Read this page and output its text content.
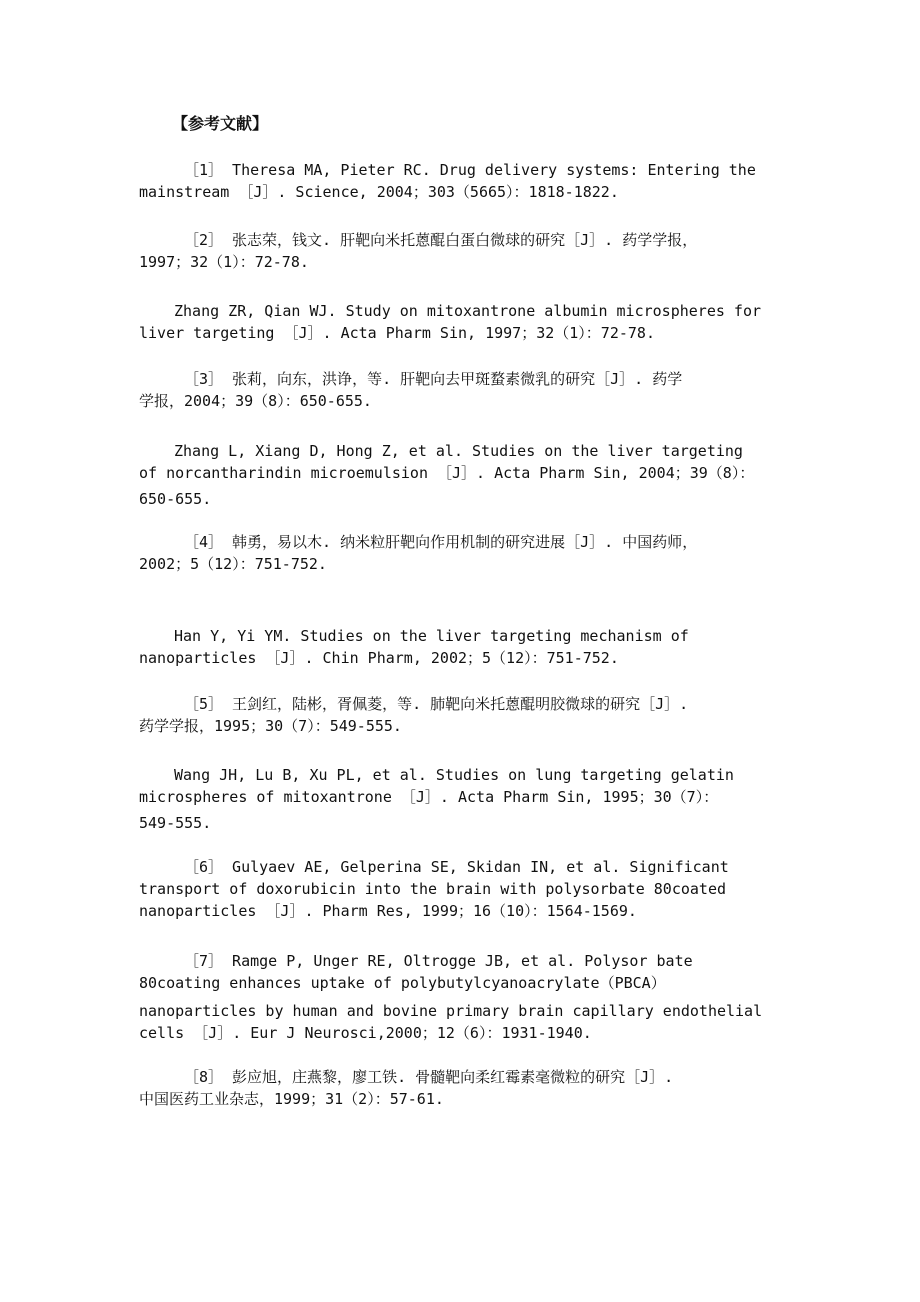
【参考文献】

［1］ Theresa MA, Pieter RC. Drug delivery systems: Entering the
mainstream ［J］. Science, 2004；303（5665）：1818-1822.

［2］ 张志荣，钱文. 肝靶向米托蒽醌白蛋白微球的研究［J］. 药学学报，
1997；32（1）：72-78.

Zhang ZR, Qian WJ. Study on mitoxantrone albumin microspheres for
liver targeting ［J］. Acta Pharm Sin, 1997；32（1）：72-78.

［3］ 张莉，向东，洪诤，等. 肝靶向去甲斑蝥素微乳的研究［J］. 药学
学报，2004；39（8）：650-655.

Zhang L, Xiang D, Hong Z, et al. Studies on the liver targeting
of norcantharindin microemulsion ［J］. Acta Pharm Sin, 2004；39（8）：
650-655.

［4］ 韩勇，易以木. 纳米粒肝靶向作用机制的研究进展［J］. 中国药师，
2002；5（12）：751-752.

Han Y, Yi YM. Studies on the liver targeting mechanism of
nanoparticles ［J］. Chin Pharm, 2002；5（12）：751-752.

［5］ 王剑红，陆彬，胥佩菱，等. 肺靶向米托蒽醌明胶微球的研究［J］.
药学学报，1995；30（7）：549-555.

Wang JH, Lu B, Xu PL, et al. Studies on lung targeting gelatin
microspheres of mitoxantrone ［J］. Acta Pharm Sin, 1995；30（7）：
549-555.

［6］ Gulyaev AE, Gelperina SE, Skidan IN, et al. Significant
transport of doxorubicin into the brain with polysorbate 80coated
nanoparticles ［J］. Pharm Res, 1999；16（10）：1564-1569.

［7］ Ramge P, Unger RE, Oltrogge JB, et al. Polysor bate
80coating enhances uptake of polybutylcyanoacrylate（PBCA）
nanoparticles by human and bovine primary brain capillary endothelial
cells ［J］. Eur J Neurosci,2000；12（6）：1931-1940.

［8］ 彭应旭，庄燕黎，廖工铁. 骨髓靶向柔红霉素毫微粒的研究［J］.
中国医药工业杂志，1999；31（2）：57-61.
